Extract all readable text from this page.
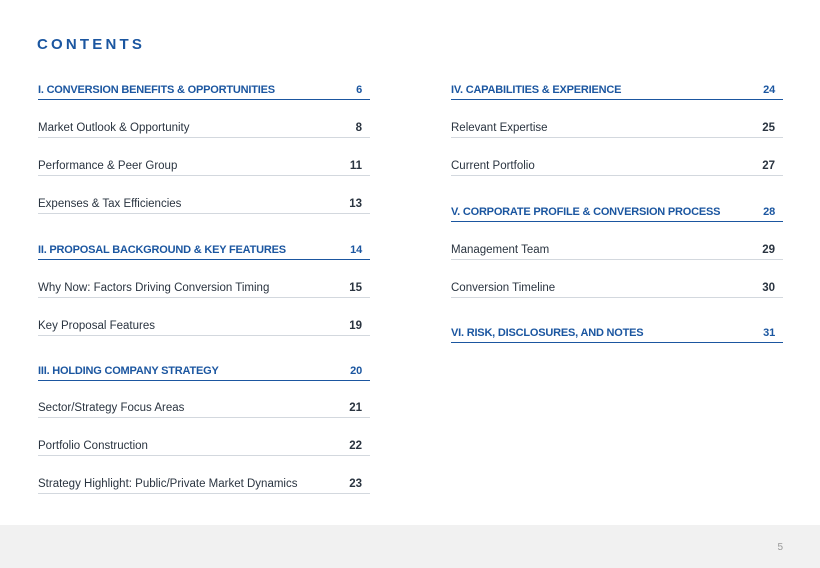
CONTENTS
I. CONVERSION BENEFITS & OPPORTUNITIES	6
Market Outlook & Opportunity	8
Performance & Peer Group	11
Expenses & Tax Efficiencies	13
II. PROPOSAL BACKGROUND & KEY FEATURES	14
Why Now: Factors Driving Conversion Timing	15
Key Proposal Features	19
III. HOLDING COMPANY STRATEGY	20
Sector/Strategy Focus Areas	21
Portfolio Construction	22
Strategy Highlight: Public/Private Market Dynamics	23
IV. CAPABILITIES & EXPERIENCE	24
Relevant Expertise	25
Current Portfolio	27
V. CORPORATE PROFILE & CONVERSION PROCESS	28
Management Team	29
Conversion Timeline	30
VI. RISK, DISCLOSURES, AND NOTES	31
5
